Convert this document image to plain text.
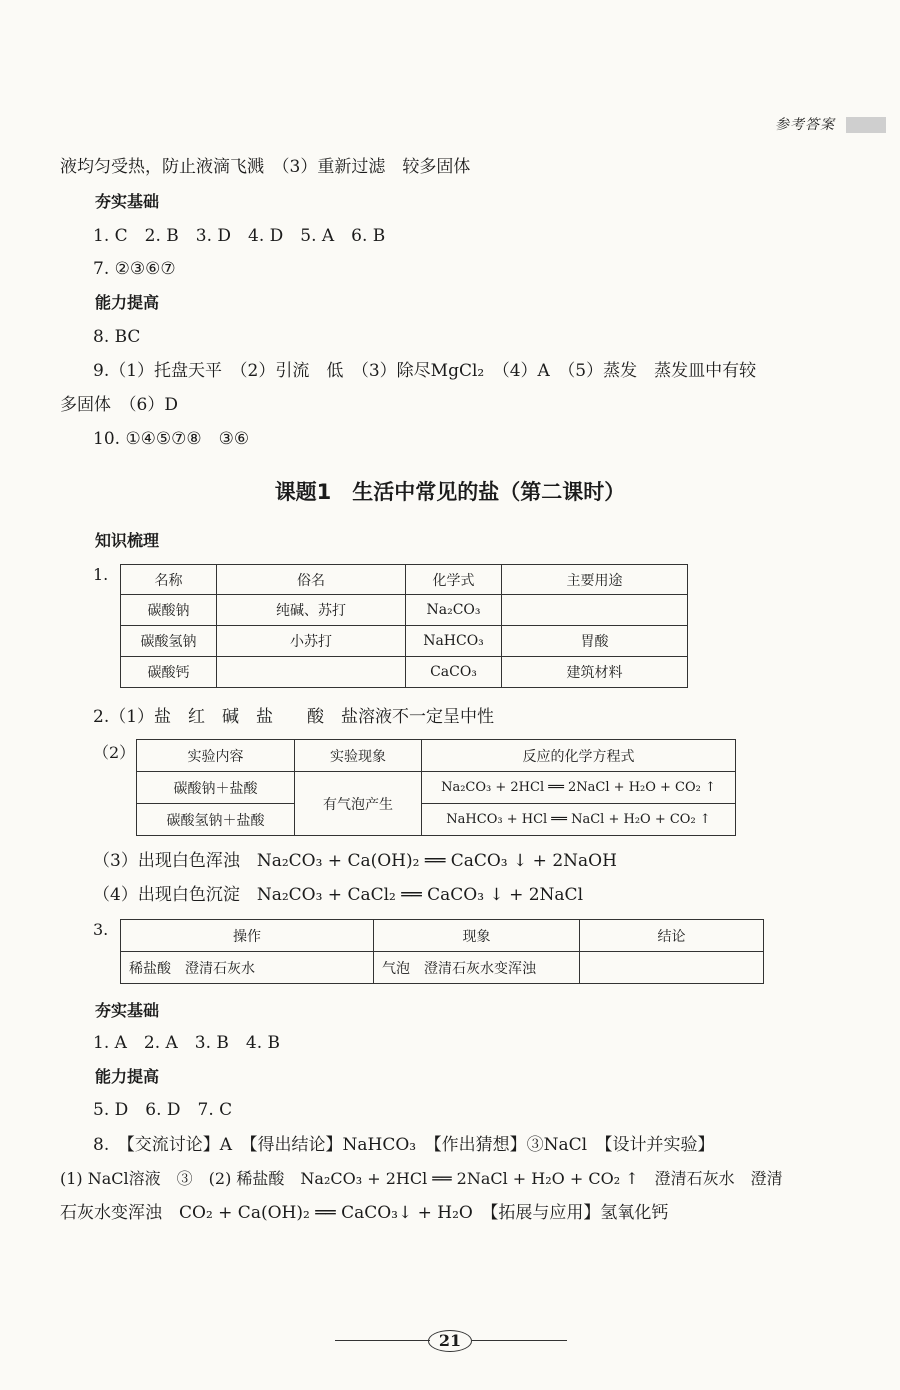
参考答案
液均匀受热，防止液滴飞溅　（3）重新过滤　较多固体
夯实基础
1. C　2. B　3. D　4. D　5. A　6. B
7. ②③⑥⑦
能力提高
8. BC
9.（1）托盘天平　（2）引流　低　（3）除尽MgCl₂　（4）A　（5）蒸发　蒸发皿中有较
多固体　（6）D
10. ①④⑤⑦⑧　③⑥
课题1　生活中常见的盐（第二课时）
知识梳理
1.	名称	俗名	化学式	主要用途
碳酸钠	纯碱、苏打	Na₂CO₃	
碳酸氢钠	小苏打	NaHCO₃	胃酸
碳酸钙		CaCO₃	建筑材料
2.（1）盐　红　碱　盐　　酸　盐溶液不一定呈中性
（2）	实验内容	实验现象	反应的化学方程式
碳酸钠＋盐酸	有气泡产生	Na₂CO₃ + 2HCl ══ 2NaCl + H₂O + CO₂ ↑
碳酸氢钠＋盐酸		NaHCO₃ + HCl ══ NaCl + H₂O + CO₂ ↑
（3）出现白色浑浊　Na₂CO₃ + Ca(OH)₂ ══ CaCO₃ ↓ + 2NaOH
（4）出现白色沉淀　Na₂CO₃ + CaCl₂ ══ CaCO₃ ↓ + 2NaCl
3.	操作	现象	结论
稀盐酸　澄清石灰水	气泡　澄清石灰水变浑浊	
夯实基础
1. A　2. A　3. B　4. B
能力提高
5. D　6. D　7. C
8.　【交流讨论】A　【得出结论】NaHCO₃　【作出猜想】③NaCl　【设计并实验】
(1) NaCl溶液　③　(2) 稀盐酸　Na₂CO₃ + 2HCl ══ 2NaCl + H₂O + CO₂ ↑　澄清石灰水　澄清
石灰水变浑浊　CO₂ + Ca(OH)₂ ══ CaCO₃↓ + H₂O　【拓展与应用】氢氧化钙
21
